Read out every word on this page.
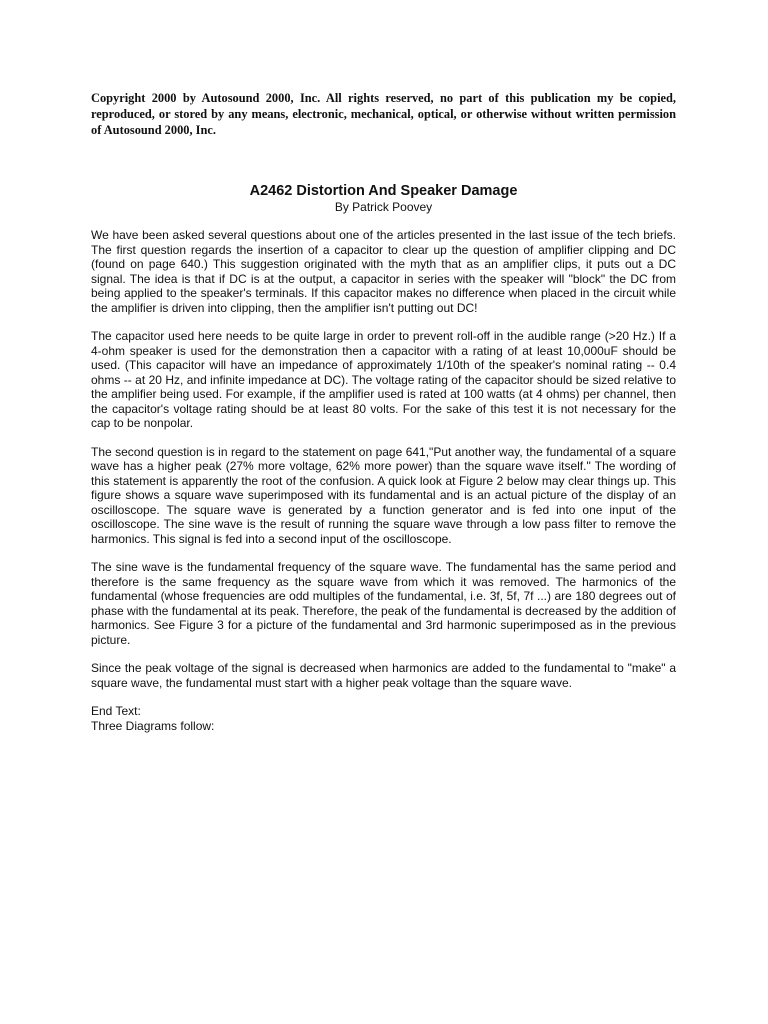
Copyright 2000 by Autosound 2000, Inc. All rights reserved, no part of this publication my be copied, reproduced, or stored by any means, electronic, mechanical, optical, or otherwise without written permission of Autosound 2000, Inc.

A2462 Distortion And Speaker Damage

By Patrick Poovey

We have been asked several questions about one of the articles presented in the last issue of the tech briefs. The first question regards the insertion of a capacitor to clear up the question of amplifier clipping and DC (found on page 640.) This suggestion originated with the myth that as an amplifier clips, it puts out a DC signal. The idea is that if DC is at the output, a capacitor in series with the speaker will "block" the DC from being applied to the speaker's terminals. If this capacitor makes no difference when placed in the circuit while the amplifier is driven into clipping, then the amplifier isn't putting out DC!

The capacitor used here needs to be quite large in order to prevent roll-off in the audible range (>20 Hz.) If a 4-ohm speaker is used for the demonstration then a capacitor with a rating of at least 10,000uF should be used. (This capacitor will have an impedance of approximately 1/10th of the speaker's nominal rating -- 0.4 ohms -- at 20 Hz, and infinite impedance at DC). The voltage rating of the capacitor should be sized relative to the amplifier being used. For example, if the amplifier used is rated at 100 watts (at 4 ohms) per channel, then the capacitor's voltage rating should be at least 80 volts. For the sake of this test it is not necessary for the cap to be nonpolar.

The second question is in regard to the statement on page 641,"Put another way, the fundamental of a square wave has a higher peak (27% more voltage, 62% more power) than the square wave itself." The wording of this statement is apparently the root of the confusion. A quick look at Figure 2 below may clear things up. This figure shows a square wave superimposed with its fundamental and is an actual picture of the display of an oscilloscope. The square wave is generated by a function generator and is fed into one input of the oscilloscope. The sine wave is the result of running the square wave through a low pass filter to remove the harmonics. This signal is fed into a second input of the oscilloscope.

The sine wave is the fundamental frequency of the square wave. The fundamental has the same period and therefore is the same frequency as the square wave from which it was removed. The harmonics of the fundamental (whose frequencies are odd multiples of the fundamental, i.e. 3f, 5f, 7f ...) are 180 degrees out of phase with the fundamental at its peak. Therefore, the peak of the fundamental is decreased by the addition of harmonics. See Figure 3 for a picture of the fundamental and 3rd harmonic superimposed as in the previous picture.

Since the peak voltage of the signal is decreased when harmonics are added to the fundamental to "make" a square wave, the fundamental must start with a higher peak voltage than the square wave.

End Text:
Three Diagrams follow:
